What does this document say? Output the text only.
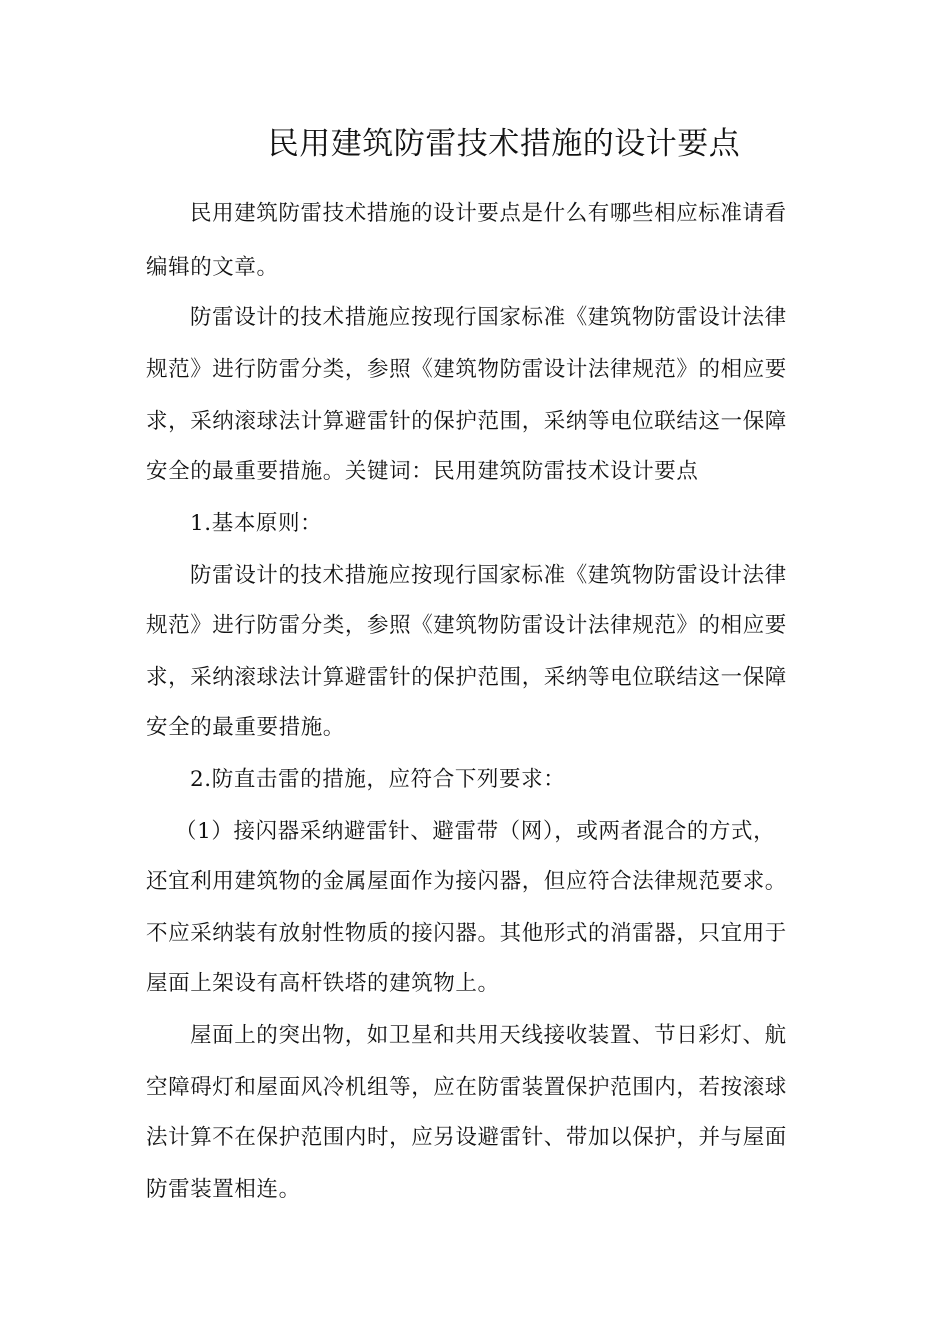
民用建筑防雷技术措施的设计要点
民用建筑防雷技术措施的设计要点是什么有哪些相应标准请看
编辑的文章。
防雷设计的技术措施应按现行国家标准《建筑物防雷设计法律
规范》进行防雷分类，参照《建筑物防雷设计法律规范》的相应要
求，采纳滚球法计算避雷针的保护范围，采纳等电位联结这一保障
安全的最重要措施。关键词：民用建筑防雷技术设计要点
1.基本原则：
防雷设计的技术措施应按现行国家标准《建筑物防雷设计法律
规范》进行防雷分类，参照《建筑物防雷设计法律规范》的相应要
求，采纳滚球法计算避雷针的保护范围，采纳等电位联结这一保障
安全的最重要措施。
2.防直击雷的措施，应符合下列要求：
（1）接闪器采纳避雷针、避雷带（网），或两者混合的方式，
还宜利用建筑物的金属屋面作为接闪器，但应符合法律规范要求。
不应采纳装有放射性物质的接闪器。其他形式的消雷器，只宜用于
屋面上架设有高杆铁塔的建筑物上。
屋面上的突出物，如卫星和共用天线接收装置、节日彩灯、航
空障碍灯和屋面风冷机组等，应在防雷装置保护范围内，若按滚球
法计算不在保护范围内时，应另设避雷针、带加以保护，并与屋面
防雷装置相连。
